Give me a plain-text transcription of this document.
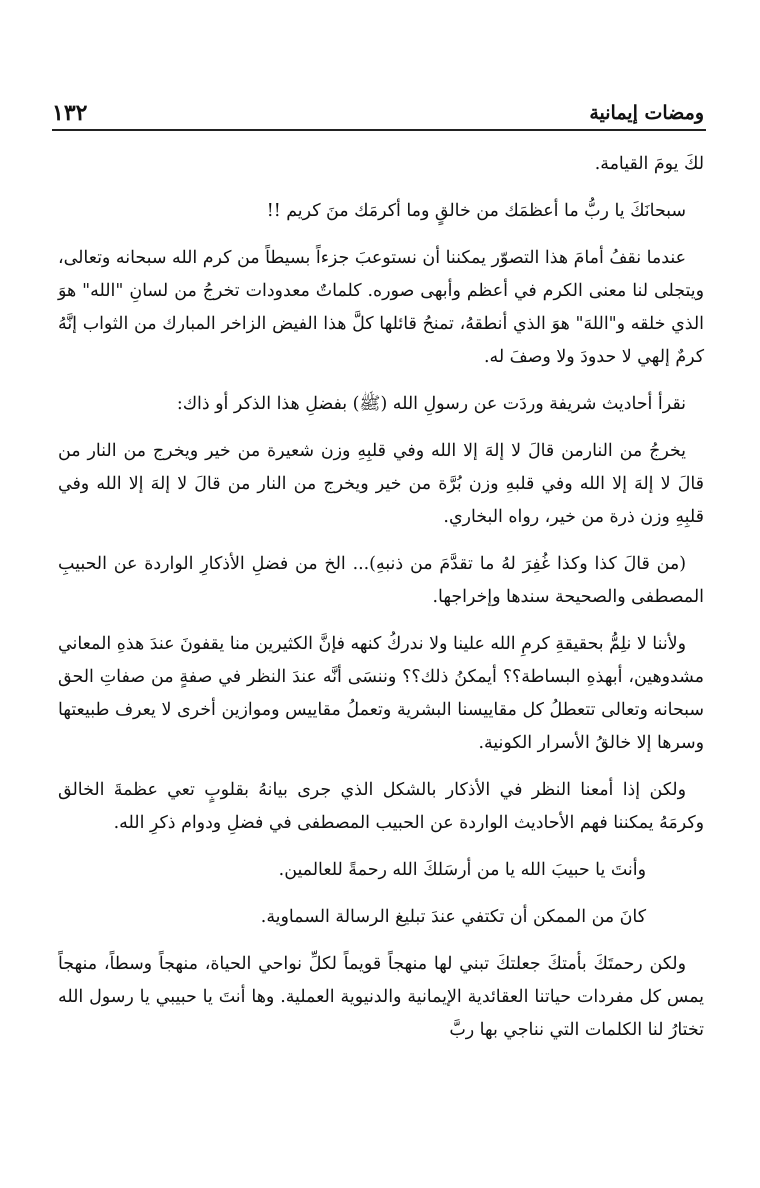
١٣٢	ومضات إيمانية

لكَ يومَ القيامة.

سبحانَكَ يا ربُّ ما أعظمَك من خالقٍ وما أكرمَك منَ كريم !!

عندما نقفُ أمامَ هذا التصوّر يمكننا أن نستوعبَ جزءاً بسيطاً من كرم الله سبحانه وتعالى، ويتجلى لنا معنى الكرم في أعظم وأبهى صوره. كلماتٌ معدودات تخرجُ من لسانِ "الله" هوَ الذي خلقه و"اللهَ" هوَ الذي أنطقهُ، تمنحُ قائلها كلَّ هذا الفيض الزاخر المبارك من الثواب إنَّهُ كرمٌ إلهي لا حدودَ ولا وصفَ له.

نقرأ أحاديث شريفة وردَت عن رسولِ الله (ﷺ) بفضلِ هذا الذكر أو ذاك:

يخرجُ من النارمن قالَ لا إلهَ إلا الله وفي قلبِهِ وزن شعيرة من خير ويخرج من النار من قالَ لا إلهَ إلا الله وفي قلبهِ وزن بُرَّة من خير ويخرج من النار من قالَ لا إلهَ إلا الله وفي قلبِهِ وزن ذرة من خير، رواه البخاري.

(من قالَ كذا وكذا غُفِرَ لهُ ما تقدَّمَ من ذنبهِ)... الخ من فضلِ الأذكارِ الواردة عن الحبيبِ المصطفى والصحيحة سندها وإخراجها.

ولأننا لا نلِمُّ بحقيقةِ كرمِ الله علينا ولا ندركُ كنهه فإنَّ الكثيرين منا يقفونَ عندَ هذهِ المعاني مشدوهين، أبهذهِ البساطة؟؟ أيمكنُ ذلك؟؟ وننسَى أنَّه عندَ النظر في صفةٍ من صفاتِ الحق سبحانه وتعالى تتعطلُ كل مقاييسنا البشرية وتعملُ مقاييس وموازين أخرى لا يعرف طبيعتها وسرها إلا خالقُ الأسرار الكونية.

ولكن إذا أمعنا النظر في الأذكار بالشكل الذي جرى بيانهُ بقلوبٍ تعي عظمةَ الخالق وكرمَهُ يمكننا فهم الأحاديث الواردة عن الحبيب المصطفى في فضلِ ودوام ذكرِ الله.

وأنتَ يا حبيبَ الله يا من أرسَلكَ الله رحمةً للعالمين.

كانَ من الممكن أن تكتفي عندَ تبليغ الرسالة السماوية.

ولكن رحمتَكَ بأمتكَ جعلتكَ تبني لها منهجاً قويماً لكلِّ نواحي الحياة، منهجاً وسطاً، منهجاً يمس كل مفردات حياتنا العقائدية الإيمانية والدنيوية العملية. وها أنتَ يا حبيبي يا رسول الله تختارُ لنا الكلمات التي نناجي بها ربَّ
